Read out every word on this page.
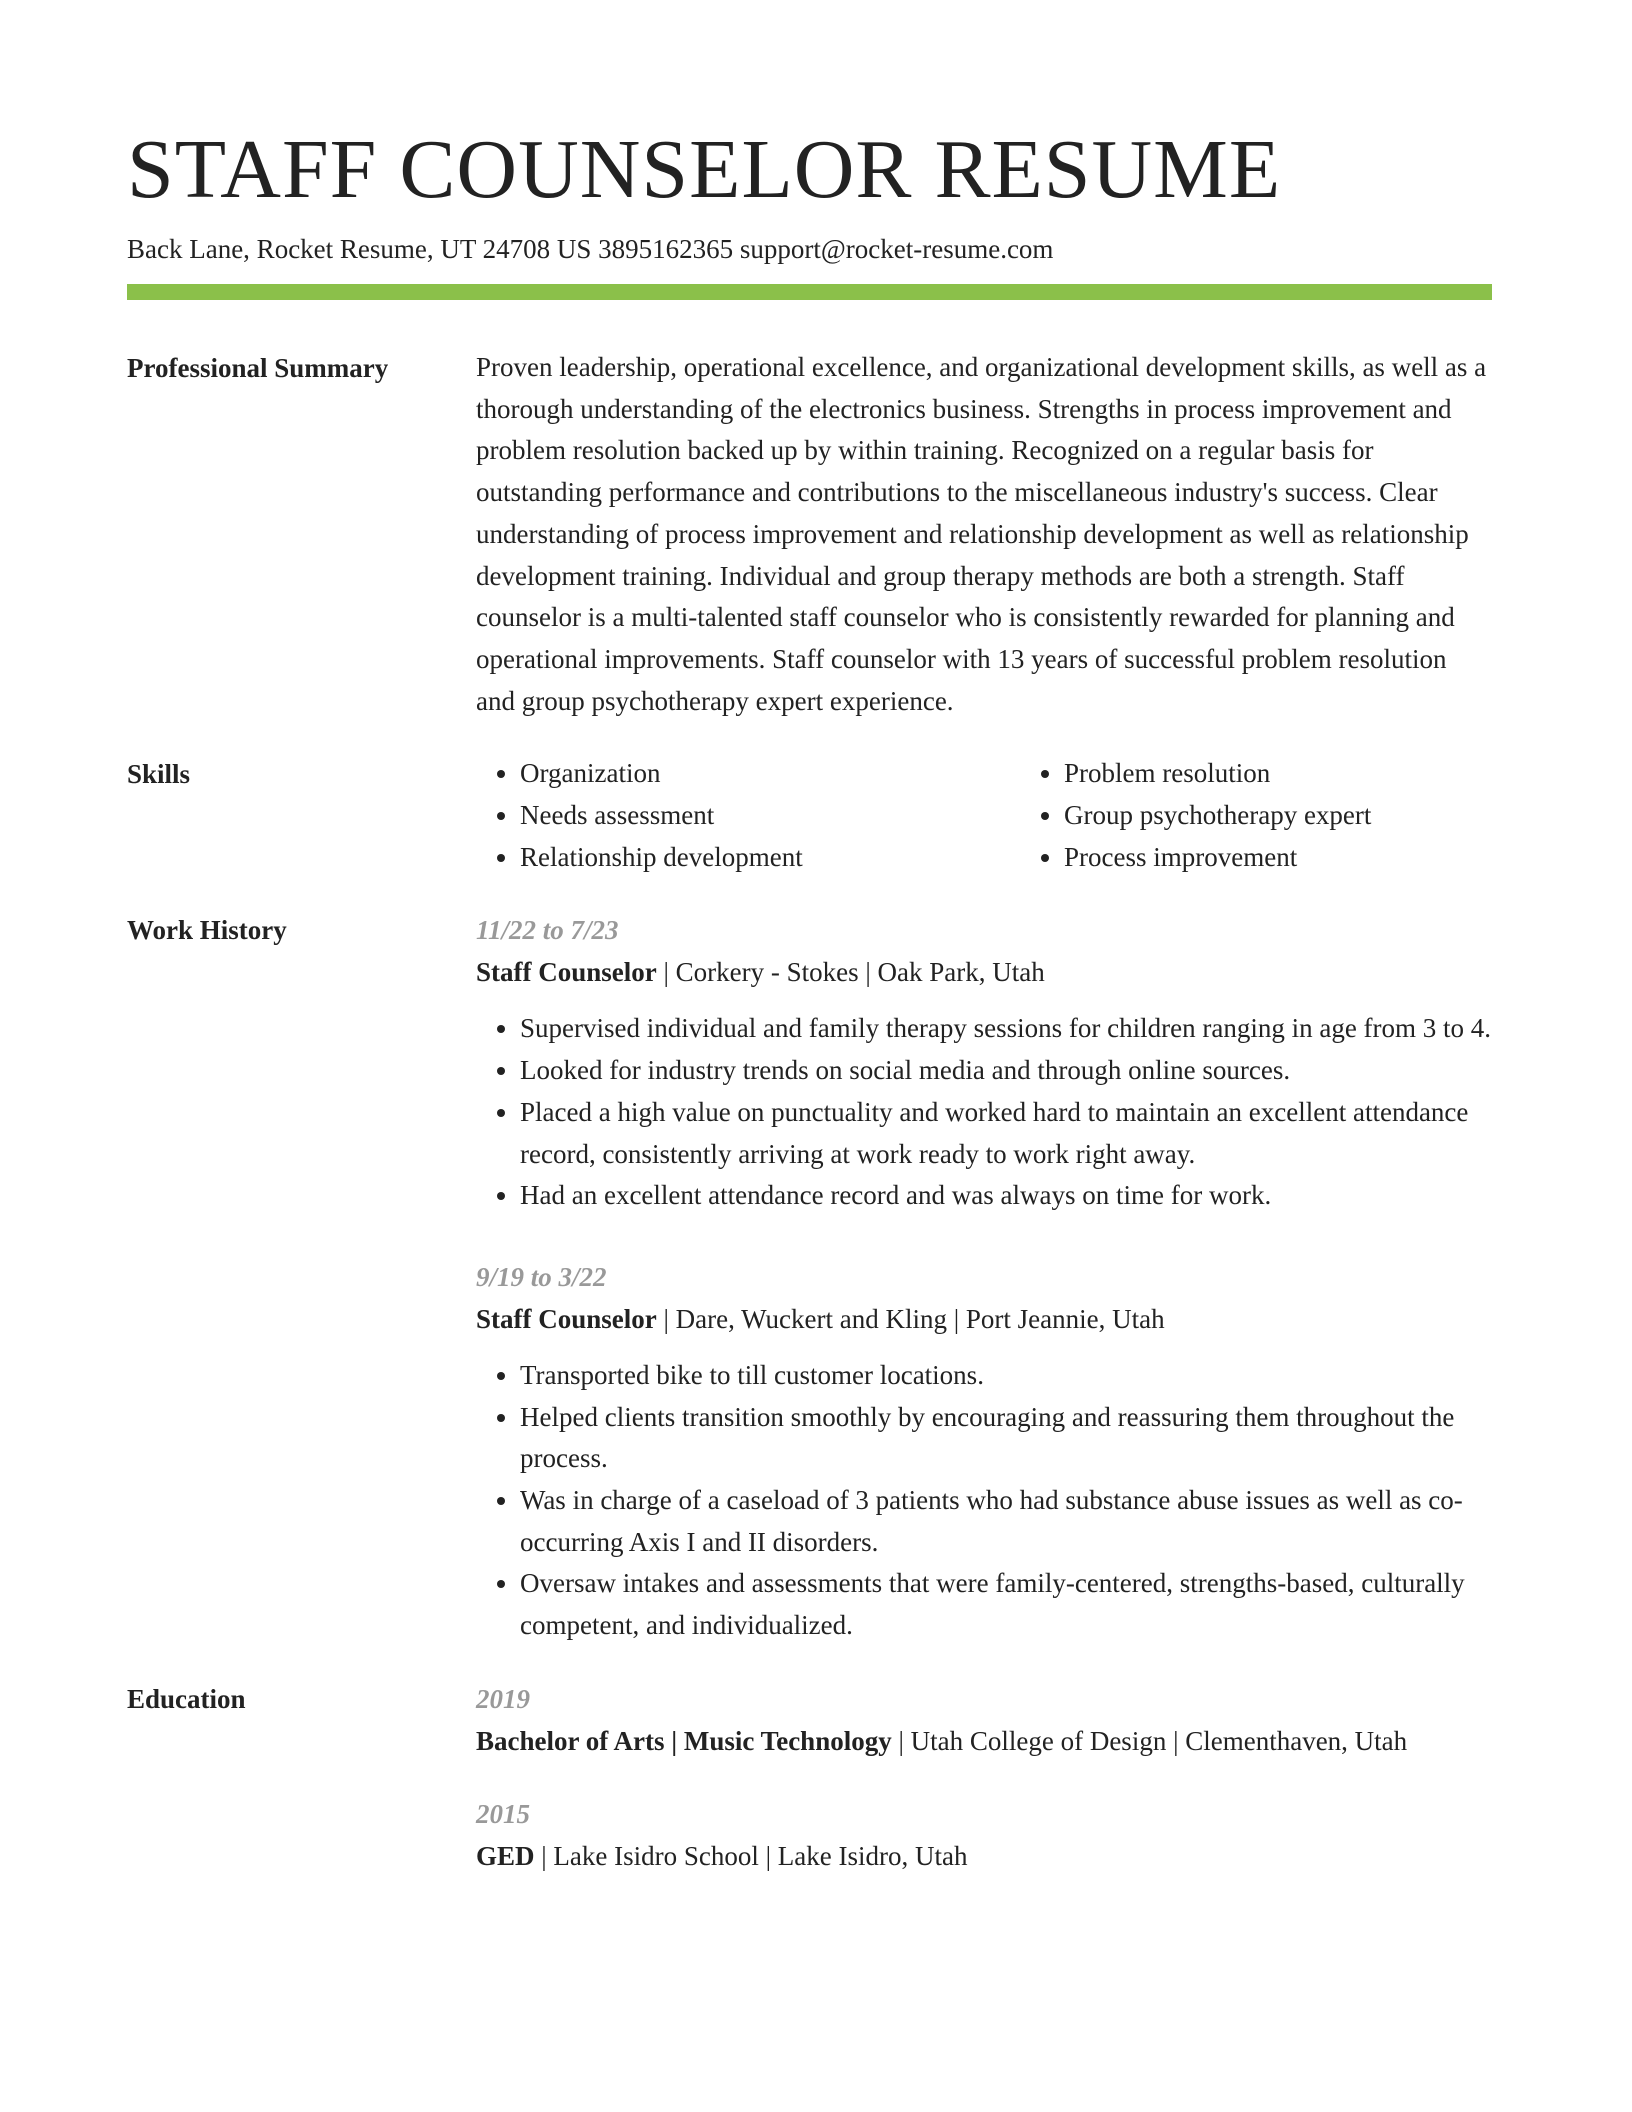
STAFF COUNSELOR RESUME
Back Lane, Rocket Resume, UT 24708 US 3895162365 support@rocket-resume.com
Professional Summary	Proven leadership, operational excellence, and organizational development skills, as well as a thorough understanding of the electronics business. Strengths in process improvement and problem resolution backed up by within training. Recognized on a regular basis for outstanding performance and contributions to the miscellaneous industry's success. Clear understanding of process improvement and relationship development as well as relationship development training. Individual and group therapy methods are both a strength. Staff counselor is a multi-talented staff counselor who is consistently rewarded for planning and operational improvements. Staff counselor with 13 years of successful problem resolution and group psychotherapy expert experience.
Skills
•	Organization
• Needs assessment
• Relationship development
• Problem resolution
• Group psychotherapy expert
• Process improvement
Work History	11/22 to 7/23
Staff Counselor | Corkery - Stokes | Oak Park, Utah
• Supervised individual and family therapy sessions for children ranging in age from 3 to 4.
• Looked for industry trends on social media and through online sources.
• Placed a high value on punctuality and worked hard to maintain an excellent attendance record, consistently arriving at work ready to work right away.
• Had an excellent attendance record and was always on time for work.
9/19 to 3/22
Staff Counselor | Dare, Wuckert and Kling | Port Jeannie, Utah
• Transported bike to till customer locations.
• Helped clients transition smoothly by encouraging and reassuring them throughout the process.
• Was in charge of a caseload of 3 patients who had substance abuse issues as well as co-occurring Axis I and II disorders.
• Oversaw intakes and assessments that were family-centered, strengths-based, culturally competent, and individualized.
Education	2019
Bachelor of Arts | Music Technology | Utah College of Design | Clementhaven, Utah
2015
GED | Lake Isidro School | Lake Isidro, Utah
